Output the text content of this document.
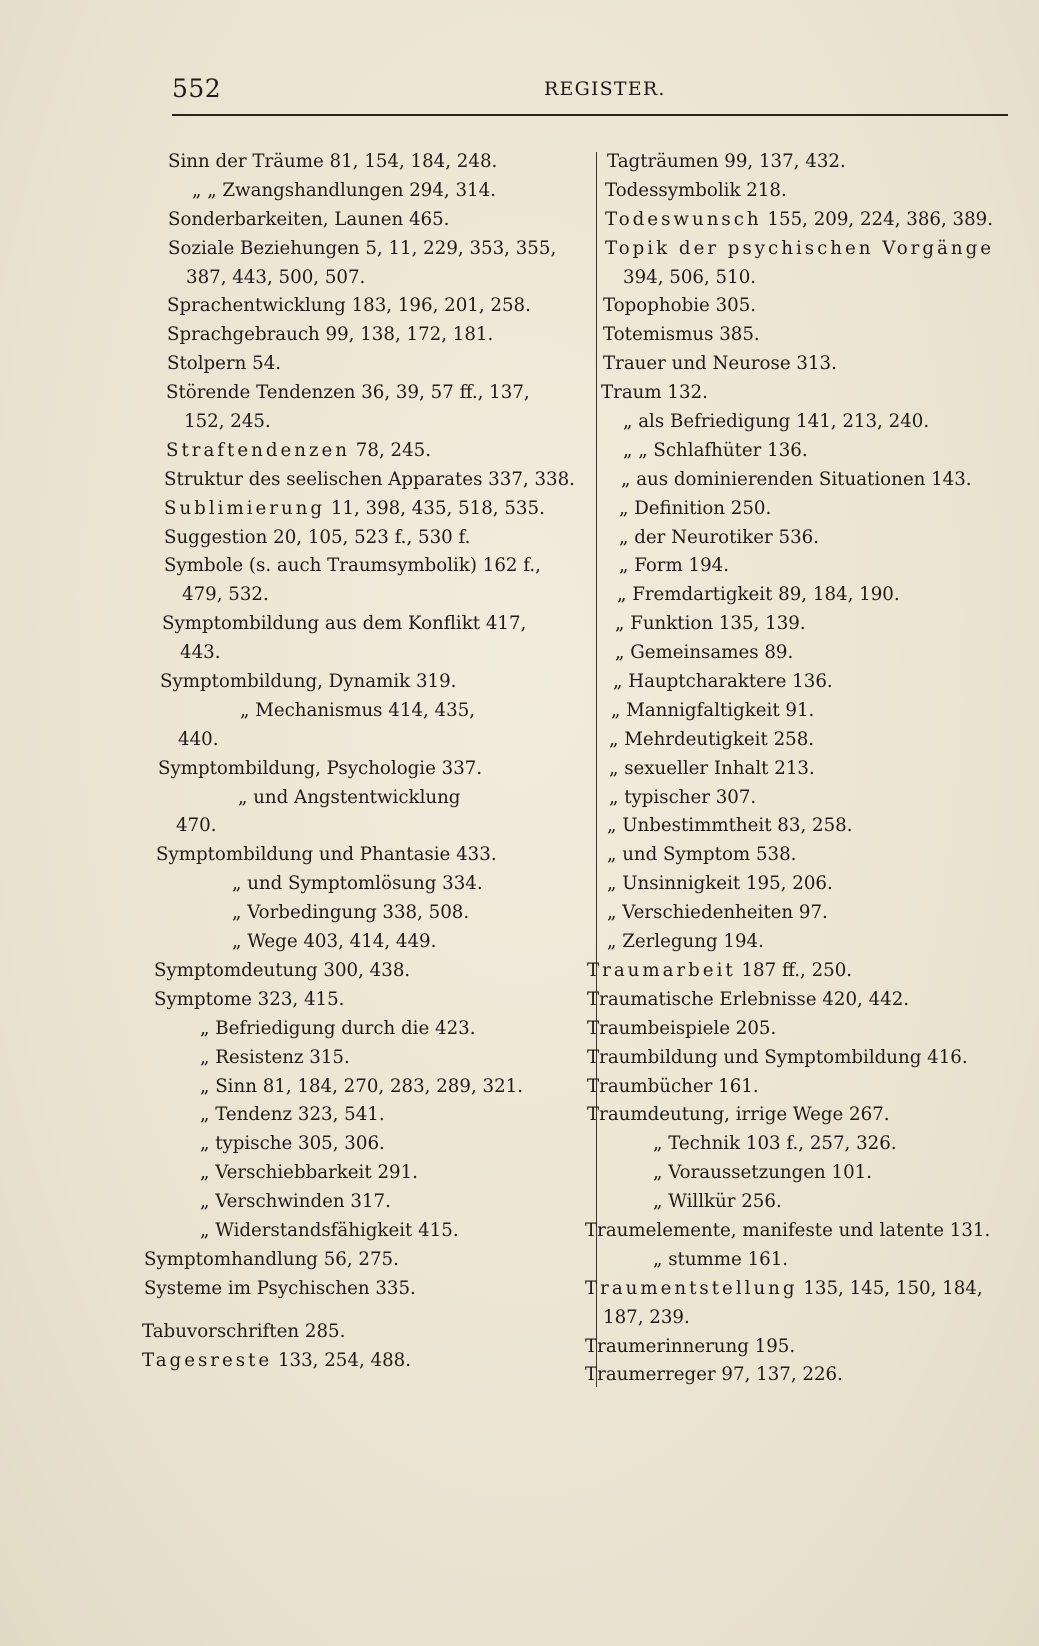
552	REGISTER.
Sinn der Träume 81, 154, 184, 248.
„ „ Zwangshandlungen 294, 314.
Sonderbarkeiten, Launen 465.
Soziale Beziehungen 5, 11, 229, 353, 355,
387, 443, 500, 507.
Sprachentwicklung 183, 196, 201, 258.
Sprachgebrauch 99, 138, 172, 181.
Stolpern 54.
Störende Tendenzen 36, 39, 57 ff., 137,
152, 245.
Straftendenzen 78, 245.
Struktur des seelischen Apparates 337, 338.
Sublimierung 11, 398, 435, 518, 535.
Suggestion 20, 105, 523 f., 530 f.
Symbole (s. auch Traumsymbolik) 162 f.,
479, 532.
Symptombildung aus dem Konflikt 417,
443.
Symptombildung, Dynamik 319.
„ Mechanismus 414, 435,
440.
Symptombildung, Psychologie 337.
„ und Angstentwicklung
470.
Symptombildung und Phantasie 433.
„ und Symptomlösung 334.
„ Vorbedingung 338, 508.
„ Wege 403, 414, 449.
Symptomdeutung 300, 438.
Symptome 323, 415.
„ Befriedigung durch die 423.
„ Resistenz 315.
„ Sinn 81, 184, 270, 283, 289, 321.
„ Tendenz 323, 541.
„ typische 305, 306.
„ Verschiebbarkeit 291.
„ Verschwinden 317.
„ Widerstandsfähigkeit 415.
Symptomhandlung 56, 275.
Systeme im Psychischen 335.
Tabuvorschriften 285.
Tagesreste 133, 254, 488.
Tagträumen 99, 137, 432.
Todessymbolik 218.
Todeswunsch 155, 209, 224, 386, 389.
Topik der psychischen Vorgänge
394, 506, 510.
Topophobie 305.
Totemismus 385.
Trauer und Neurose 313.
Traum 132.
„ als Befriedigung 141, 213, 240.
„ „ Schlafhüter 136.
„ aus dominierenden Situationen 143.
„ Definition 250.
„ der Neurotiker 536.
„ Form 194.
„ Fremdartigkeit 89, 184, 190.
„ Funktion 135, 139.
„ Gemeinsames 89.
„ Hauptcharaktere 136.
„ Mannigfaltigkeit 91.
„ Mehrdeutigkeit 258.
„ sexueller Inhalt 213.
„ typischer 307.
„ Unbestimmtheit 83, 258.
„ und Symptom 538.
„ Unsinnigkeit 195, 206.
„ Verschiedenheiten 97.
„ Zerlegung 194.
Traumarbeit 187 ff., 250.
Traumatische Erlebnisse 420, 442.
Traumbeispiele 205.
Traumbildung und Symptombildung 416.
Traumbücher 161.
Traumdeutung, irrige Wege 267.
„ Technik 103 f., 257, 326.
„ Voraussetzungen 101.
„ Willkür 256.
Traumelemente, manifeste und latente 131.
„ stumme 161.
Traumentstellung 135, 145, 150, 184,
187, 239.
Traumerinnerung 195.
Traumerreger 97, 137, 226.
